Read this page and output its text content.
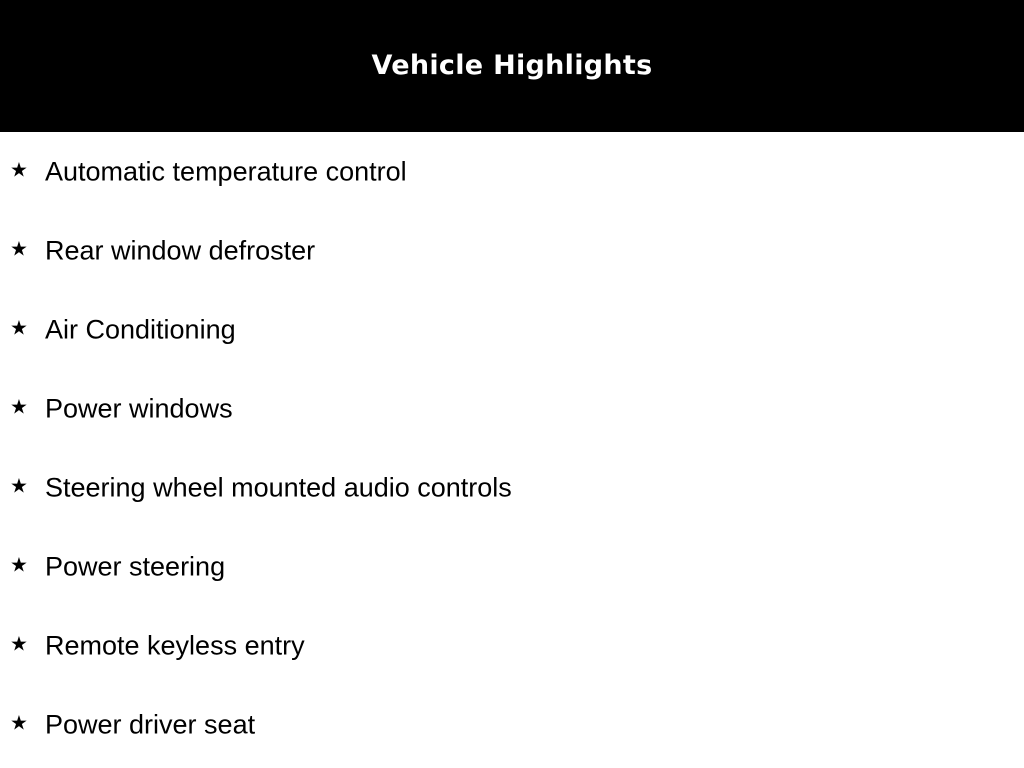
Vehicle Highlights
★ Automatic temperature control
★ Rear window defroster
★ Air Conditioning
★ Power windows
★ Steering wheel mounted audio controls
★ Power steering
★ Remote keyless entry
★ Power driver seat
